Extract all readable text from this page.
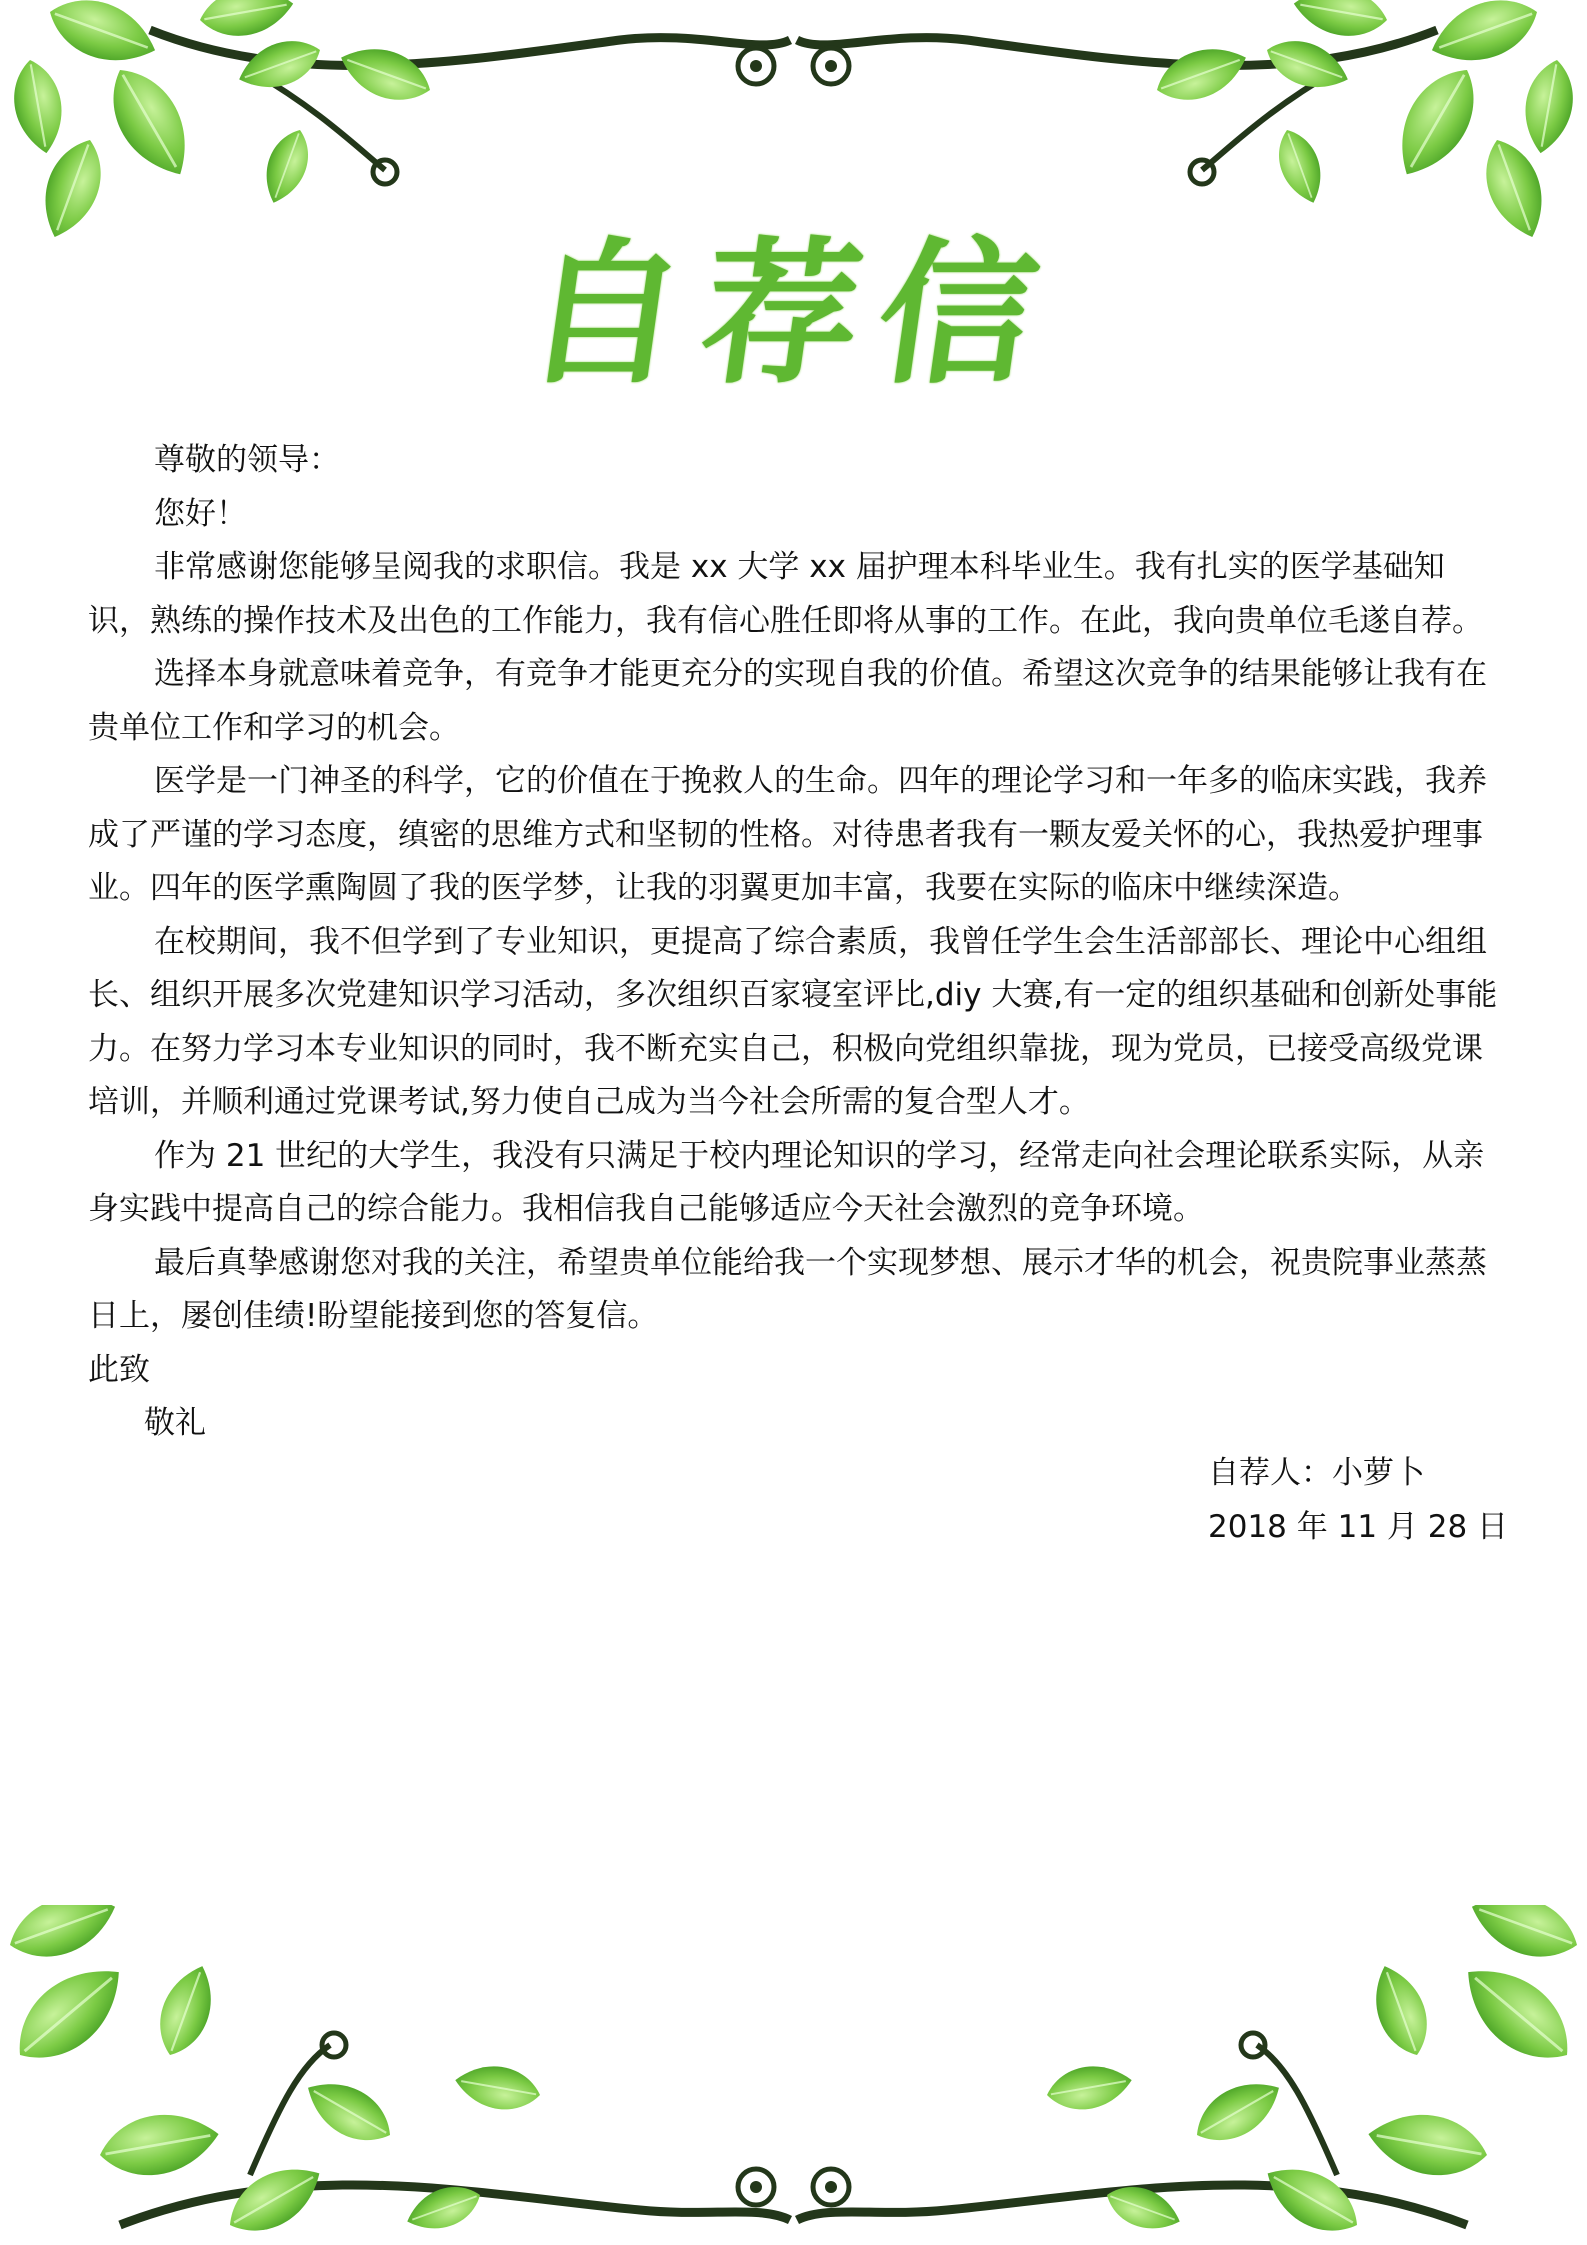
自荐信

尊敬的领导：

您好！

非常感谢您能够呈阅我的求职信。我是 xx 大学 xx 届护理本科毕业生。我有扎实的医学基础知识，熟练的操作技术及出色的工作能力，我有信心胜任即将从事的工作。在此，我向贵单位毛遂自荐。

选择本身就意味着竞争，有竞争才能更充分的实现自我的价值。希望这次竞争的结果能够让我有在贵单位工作和学习的机会。

医学是一门神圣的科学，它的价值在于挽救人的生命。四年的理论学习和一年多的临床实践，我养成了严谨的学习态度，缜密的思维方式和坚韧的性格。对待患者我有一颗友爱关怀的心，我热爱护理事业。四年的医学熏陶圆了我的医学梦，让我的羽翼更加丰富，我要在实际的临床中继续深造。

在校期间，我不但学到了专业知识，更提高了综合素质，我曾任学生会生活部部长、理论中心组组长、组织开展多次党建知识学习活动，多次组织百家寝室评比,diy 大赛,有一定的组织基础和创新处事能力。在努力学习本专业知识的同时，我不断充实自己，积极向党组织靠拢，现为党员，已接受高级党课培训，并顺利通过党课考试,努力使自己成为当今社会所需的复合型人才。

作为 21 世纪的大学生，我没有只满足于校内理论知识的学习，经常走向社会理论联系实际，从亲身实践中提高自己的综合能力。我相信我自己能够适应今天社会激烈的竞争环境。

最后真挚感谢您对我的关注，希望贵单位能给我一个实现梦想、展示才华的机会，祝贵院事业蒸蒸日上，屡创佳绩!盼望能接到您的答复信。

此致

敬礼

自荐人：小萝卜
2018 年 11 月 28 日
